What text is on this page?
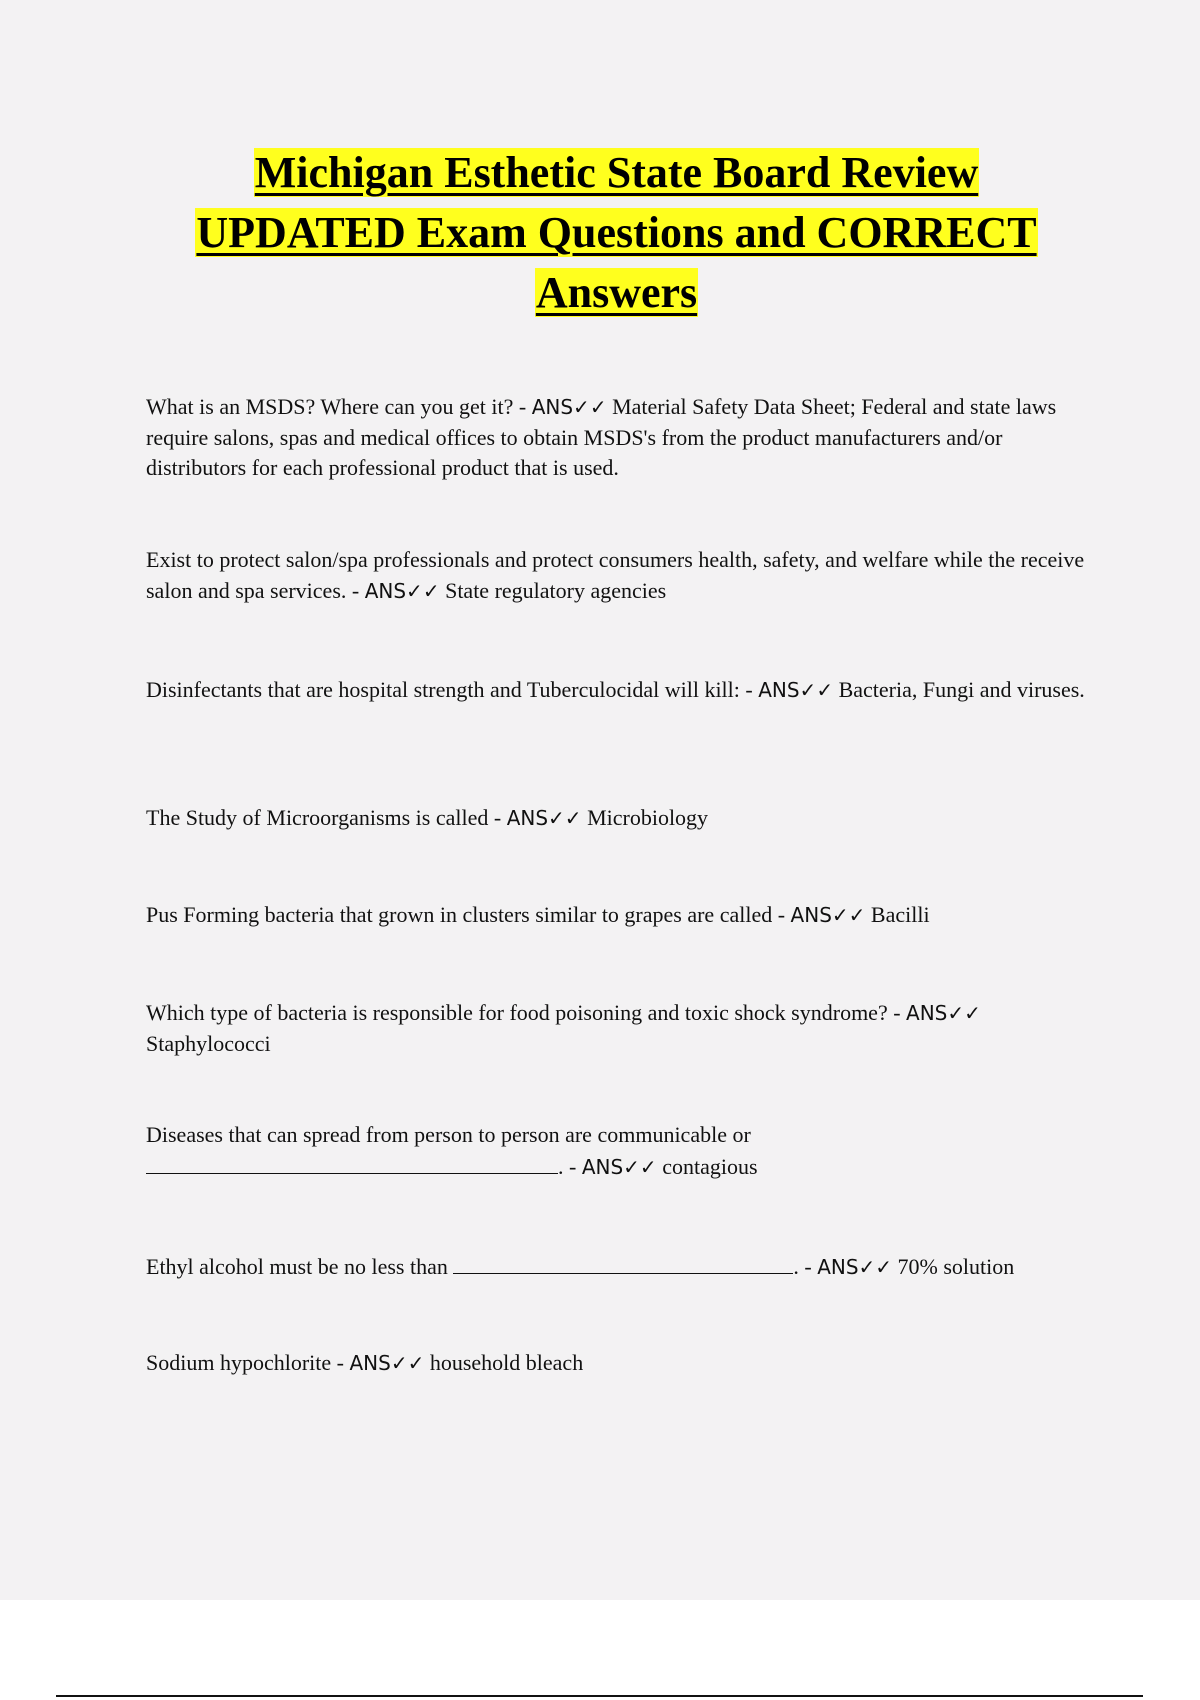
Michigan Esthetic State Board Review
UPDATED Exam Questions and CORRECT
Answers
What is an MSDS? Where can you get it? - ANS✓✓ Material Safety Data Sheet; Federal and state laws require salons, spas and medical offices to obtain MSDS's from the product manufacturers and/or distributors for each professional product that is used.
Exist to protect salon/spa professionals and protect consumers health, safety, and welfare while the receive salon and spa services. - ANS✓✓ State regulatory agencies
Disinfectants that are hospital strength and Tuberculocidal will kill: - ANS✓✓ Bacteria, Fungi and viruses.
The Study of Microorganisms is called - ANS✓✓ Microbiology
Pus Forming bacteria that grown in clusters similar to grapes are called - ANS✓✓ Bacilli
Which type of bacteria is responsible for food poisoning and toxic shock syndrome? - ANS✓✓ Staphylococci
Diseases that can spread from person to person are communicable or. - ANS✓✓ contagious
Ethyl alcohol must be no less than	. - ANS✓✓ 70% solution
Sodium hypochlorite - ANS✓✓ household bleach
